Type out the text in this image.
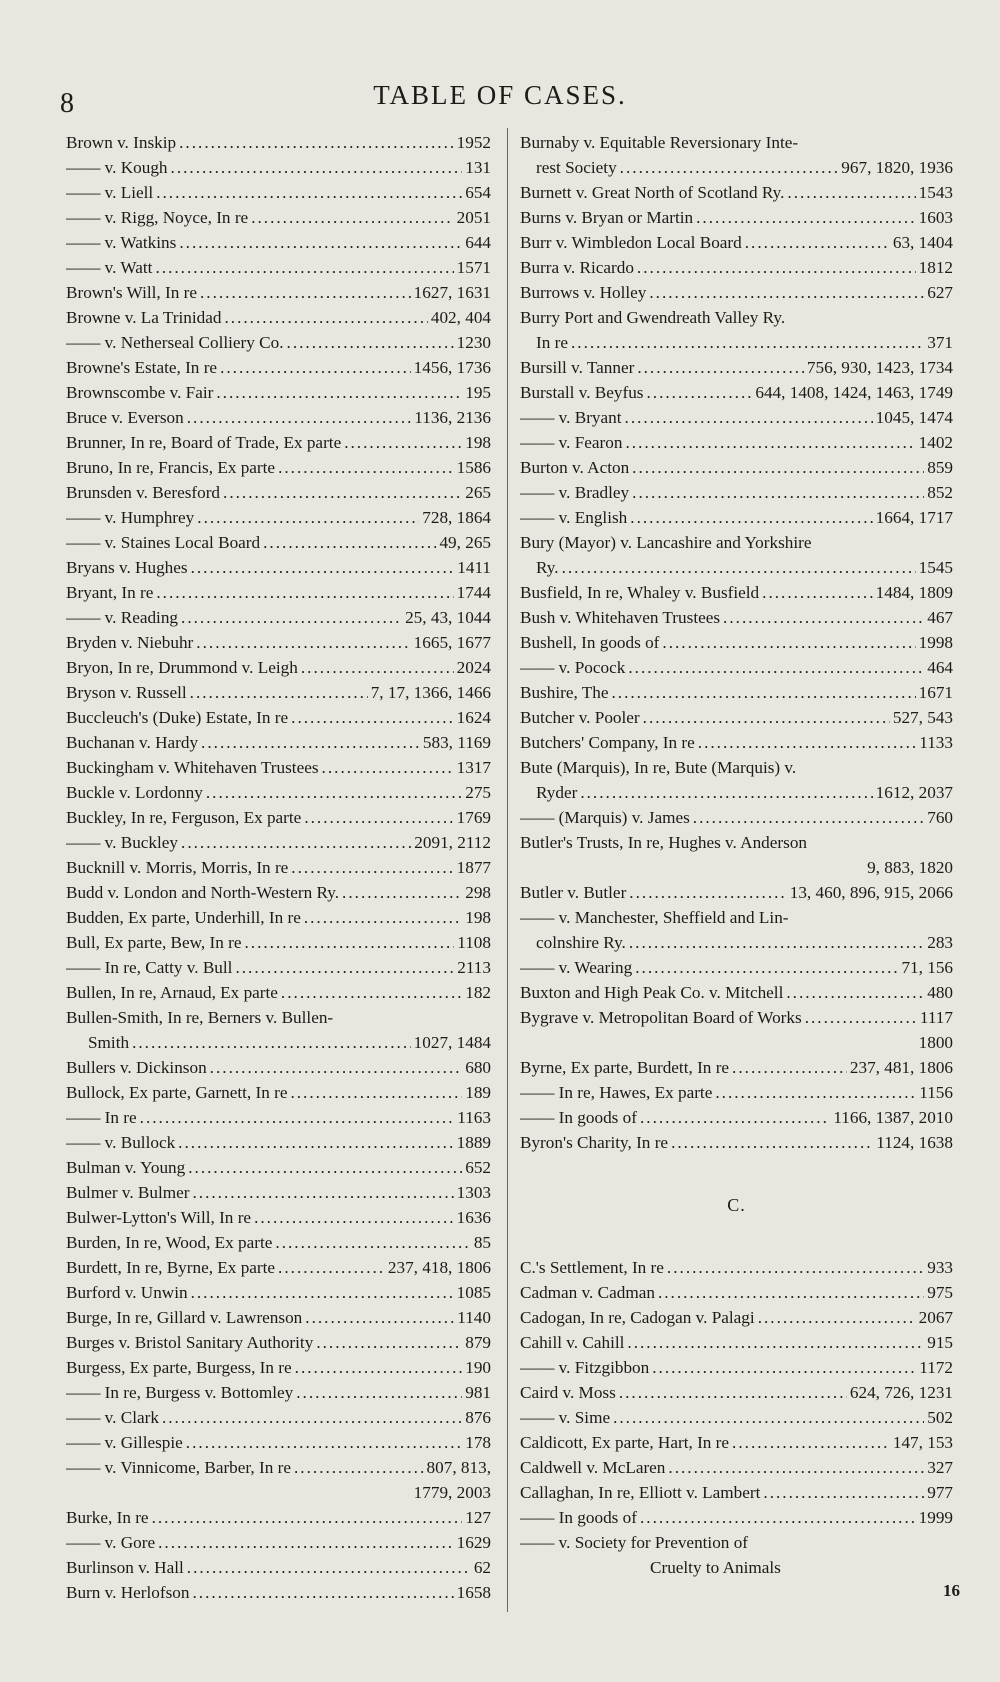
8	TABLE OF CASES.
Brown v. Inskip .....	1952
—— v. Kough .....	131
—— v. Liell .....	654
—— v. Rigg, Noyce, In re .....	2051
—— v. Watkins .....	644
—— v. Watt .....	1571
Brown's Will, In re .....	1627, 1631
Browne v. La Trinidad .....	402, 404
—— v. Netherseal Colliery Co. .....	1230
Browne's Estate, In re .....	1456, 1736
Brownscombe v. Fair .....	195
Bruce v. Everson .....	1136, 2136
Brunner, In re, Board of Trade, Ex parte .....	198
Bruno, In re, Francis, Ex parte .....	1586
Brunsden v. Beresford .....	265
—— v. Humphrey .....	728, 1864
—— v. Staines Local Board .....	49, 265
Bryans v. Hughes .....	1411
Bryant, In re .....	1744
—— v. Reading .....	25, 43, 1044
Bryden v. Niebuhr .....	1665, 1677
Bryon, In re, Drummond v. Leigh .....	2024
Bryson v. Russell .....	7, 17, 1366, 1466
Buccleuch's (Duke) Estate, In re .....	1624
Buchanan v. Hardy .....	583, 1169
Buckingham v. Whitehaven Trustees .....	1317
Buckle v. Lordonny .....	275
Buckley, In re, Ferguson, Ex parte .....	1769
—— v. Buckley .....	2091, 2112
Bucknill v. Morris, Morris, In re .....	1877
Budd v. London and North-Western Ry. .....	298
Budden, Ex parte, Underhill, In re .....	198
Bull, Ex parte, Bew, In re .....	1108
—— In re, Catty v. Bull .....	2113
Bullen, In re, Arnaud, Ex parte .....	182
Bullen-Smith, In re, Berners v. Bullen-
Smith .....	1027, 1484
Bullers v. Dickinson .....	680
Bullock, Ex parte, Garnett, In re .....	189
—— In re .....	1163
—— v. Bullock .....	1889
Bulman v. Young .....	652
Bulmer v. Bulmer .....	1303
Bulwer-Lytton's Will, In re .....	1636
Burden, In re, Wood, Ex parte .....	85
Burdett, In re, Byrne, Ex parte .....	237, 418, 1806
Burford v. Unwin .....	1085
Burge, In re, Gillard v. Lawrenson .....	1140
Burges v. Bristol Sanitary Authority .....	879
Burgess, Ex parte, Burgess, In re .....	190
—— In re, Burgess v. Bottomley .....	981
—— v. Clark .....	876
—— v. Gillespie .....	178
—— v. Vinnicome, Barber, In re .....	807, 813,
1779, 2003
Burke, In re .....	127
—— v. Gore .....	1629
Burlinson v. Hall .....	62
Burn v. Herlofson .....	1658
Burnaby v. Equitable Reversionary Inte-
rest Society .....	967, 1820, 1936
Burnett v. Great North of Scotland Ry. .....	1543
Burns v. Bryan or Martin .....	1603
Burr v. Wimbledon Local Board .....	63, 1404
Burra v. Ricardo .....	1812
Burrows v. Holley .....	627
Burry Port and Gwendreath Valley Ry.
In re .....	371
Bursill v. Tanner .....	756, 930, 1423, 1734
Burstall v. Beyfus .....	644, 1408, 1424, 1463, 1749
—— v. Bryant .....	1045, 1474
—— v. Fearon .....	1402
Burton v. Acton .....	859
—— v. Bradley .....	852
—— v. English .....	1664, 1717
Bury (Mayor) v. Lancashire and Yorkshire
Ry. .....	1545
Busfield, In re, Whaley v. Busfield .....	1484, 1809
Bush v. Whitehaven Trustees .....	467
Bushell, In goods of .....	1998
—— v. Pocock .....	464
Bushire, The .....	1671
Butcher v. Pooler .....	527, 543
Butchers' Company, In re .....	1133
Bute (Marquis), In re, Bute (Marquis) v.
Ryder .....	1612, 2037
—— (Marquis) v. James .....	760
Butler's Trusts, In re, Hughes v. Anderson
9, 883, 1820
Butler v. Butler .....	13, 460, 896, 915, 2066
—— v. Manchester, Sheffield and Lin-
colnshire Ry. .....	283
—— v. Wearing .....	71, 156
Buxton and High Peak Co. v. Mitchell .....	480
Bygrave v. Metropolitan Board of Works .....	1117
1800
Byrne, Ex parte, Burdett, In re .....	237, 481, 1806
—— In re, Hawes, Ex parte .....	1156
—— In goods of .....	1166, 1387, 2010
Byron's Charity, In re .....	1124, 1638
C.
C.'s Settlement, In re .....	933
Cadman v. Cadman .....	975
Cadogan, In re, Cadogan v. Palagi .....	2067
Cahill v. Cahill .....	915
—— v. Fitzgibbon .....	1172
Caird v. Moss .....	624, 726, 1231
—— v. Sime .....	502
Caldicott, Ex parte, Hart, In re .....	147, 153
Caldwell v. McLaren .....	327
Callaghan, In re, Elliott v. Lambert .....	977
—— In goods of .....	1999
—— v. Society for Prevention of
Cruelty to Animals
16
